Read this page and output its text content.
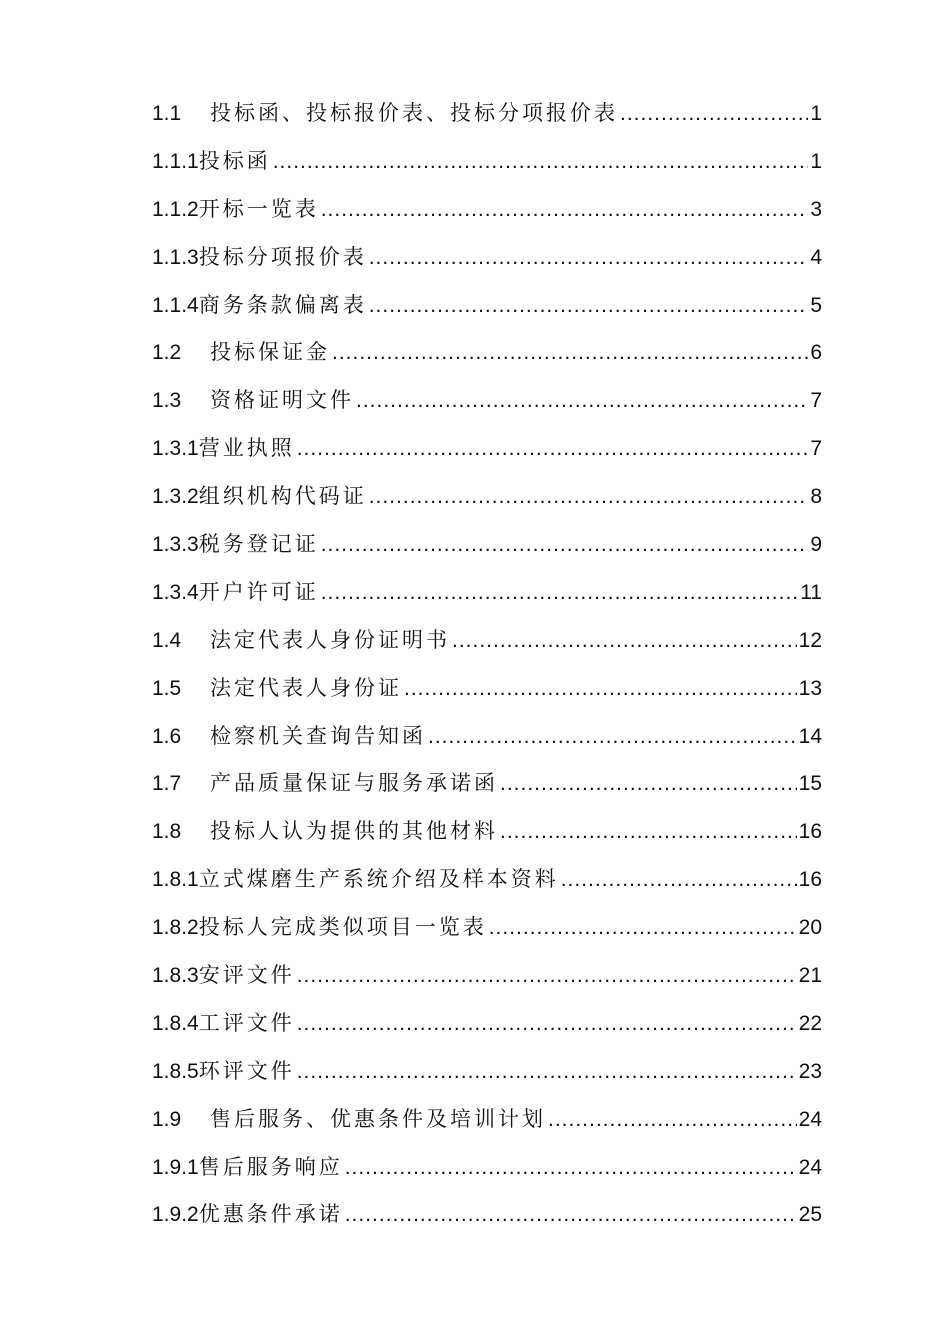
1.1	投标函、投标报价表、投标分项报价表 .....	1
1.1.1 投标函 .....	1
1.1.2 开标一览表 .....	3
1.1.3 投标分项报价表 .....	4
1.1.4 商务条款偏离表 .....	5
1.2	投标保证金 .....	6
1.3	资格证明文件 .....	7
1.3.1 营业执照 .....	7
1.3.2 组织机构代码证 .....	8
1.3.3 税务登记证 .....	9
1.3.4 开户许可证 .....	11
1.4	法定代表人身份证明书 .....	12
1.5	法定代表人身份证 .....	13
1.6	检察机关查询告知函 .....	14
1.7	产品质量保证与服务承诺函 .....	15
1.8	投标人认为提供的其他材料 .....	16
1.8.1 立式煤磨生产系统介绍及样本资料 .....	16
1.8.2 投标人完成类似项目一览表 .....	20
1.8.3 安评文件 .....	21
1.8.4 工评文件 .....	22
1.8.5 环评文件 .....	23
1.9	售后服务、优惠条件及培训计划 .....	24
1.9.1 售后服务响应 .....	24
1.9.2 优惠条件承诺 .....	25
